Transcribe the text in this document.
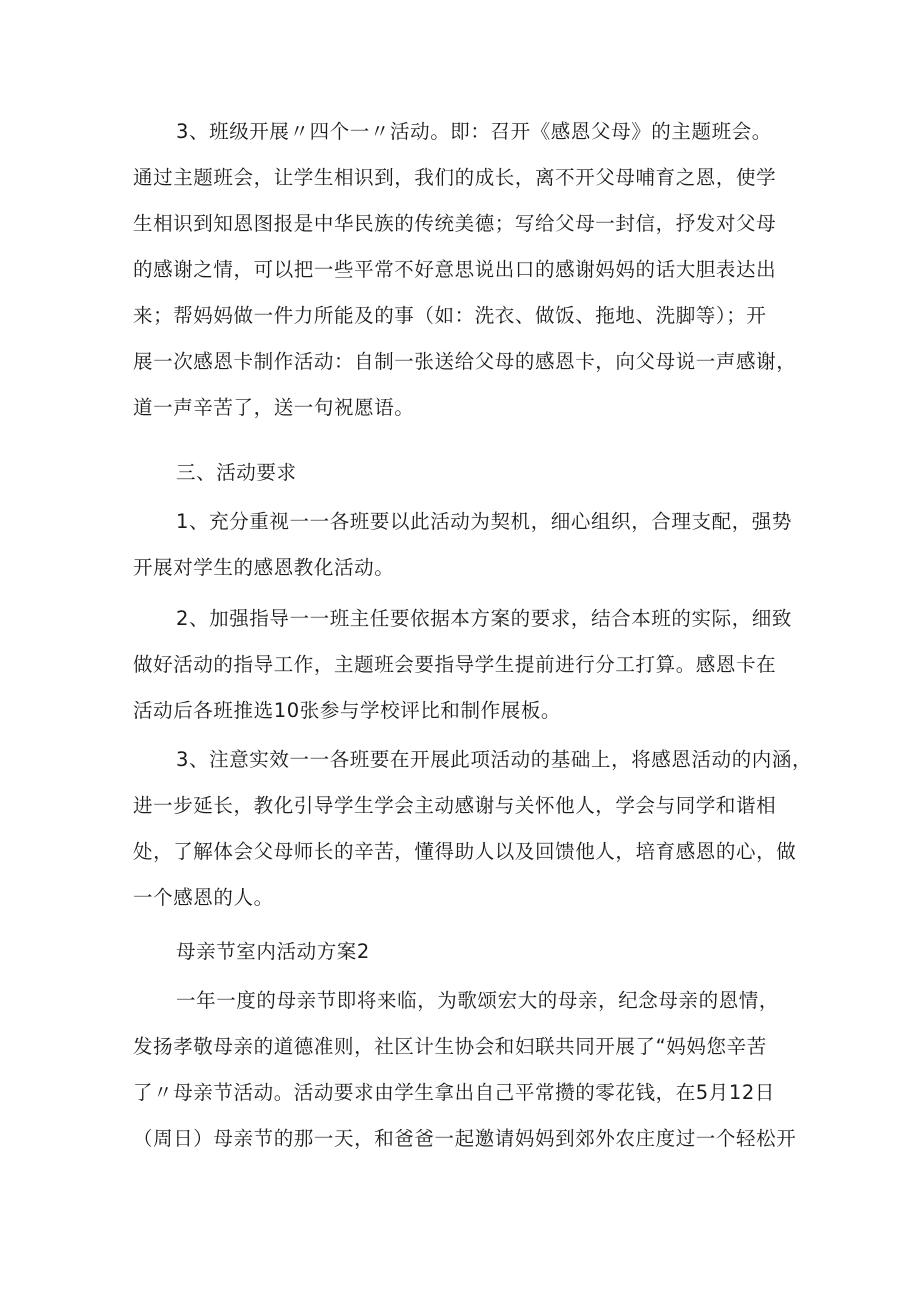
3、班级开展〃四个一〃活动。即：召开《感恩父母》的主题班会。
通过主题班会，让学生相识到，我们的成长，离不开父母哺育之恩，使学
生相识到知恩图报是中华民族的传统美德；写给父母一封信，抒发对父母
的感谢之情，可以把一些平常不好意思说出口的感谢妈妈的话大胆表达出
来；帮妈妈做一件力所能及的事（如：洗衣、做饭、拖地、洗脚等）；开
展一次感恩卡制作活动：自制一张送给父母的感恩卡，向父母说一声感谢，
道一声辛苦了，送一句祝愿语。
三、活动要求
1、充分重视一一各班要以此活动为契机，细心组织，合理支配，强势
开展对学生的感恩教化活动。
2、加强指导一一班主任要依据本方案的要求，结合本班的实际，细致
做好活动的指导工作，主题班会要指导学生提前进行分工打算。感恩卡在
活动后各班推选10张参与学校评比和制作展板。
3、注意实效一一各班要在开展此项活动的基础上，将感恩活动的内涵，
进一步延长，教化引导学生学会主动感谢与关怀他人，学会与同学和谐相
处，了解体会父母师长的辛苦，懂得助人以及回馈他人，培育感恩的心，做
一个感恩的人。
母亲节室内活动方案2
一年一度的母亲节即将来临，为歌颂宏大的母亲，纪念母亲的恩情，
发扬孝敬母亲的道德准则，社区计生协会和妇联共同开展了“妈妈您辛苦
了〃母亲节活动。活动要求由学生拿出自己平常攒的零花钱，在5月12日
（周日）母亲节的那一天，和爸爸一起邀请妈妈到郊外农庄度过一个轻松开
